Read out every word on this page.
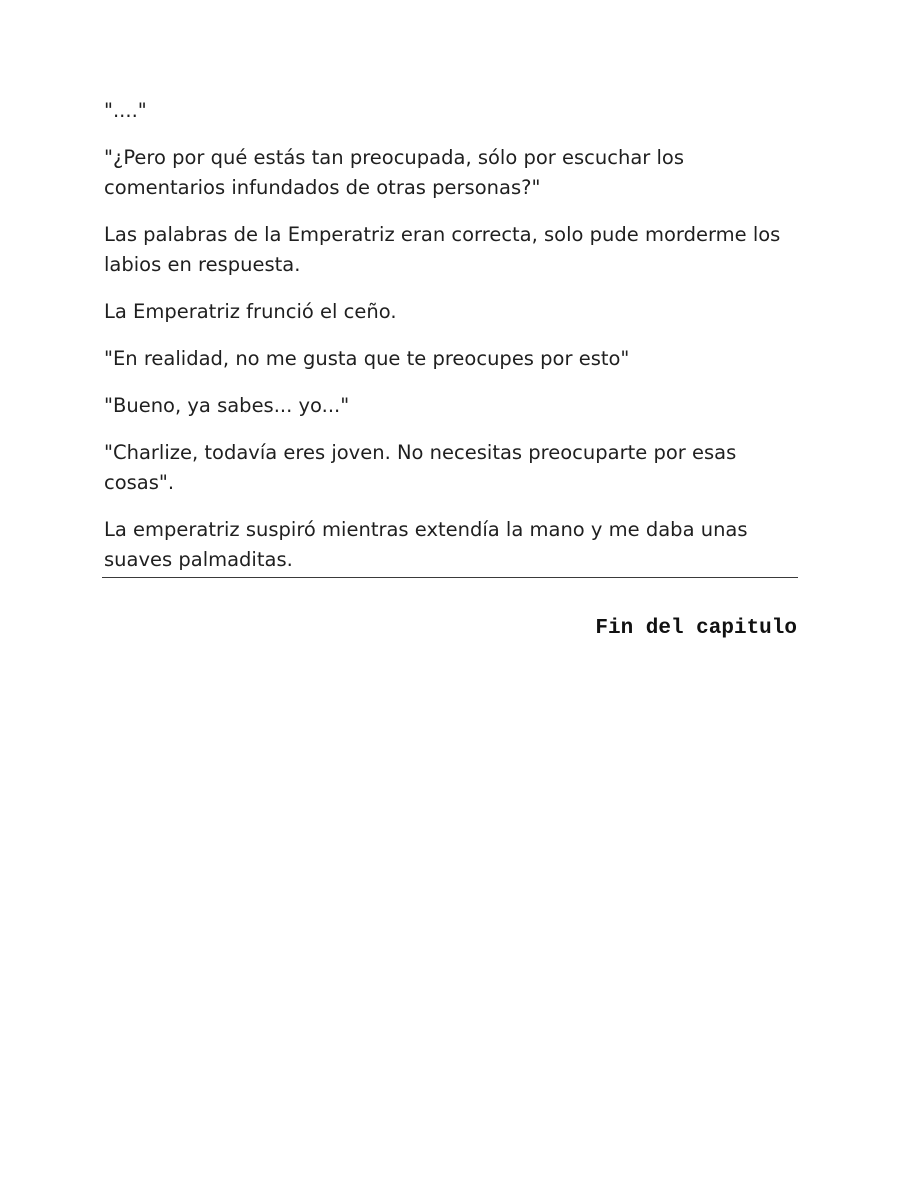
"...."

"¿Pero por qué estás tan preocupada, sólo por escuchar los comentarios infundados de otras personas?"

Las palabras de la Emperatriz eran correcta, solo pude morderme los labios en respuesta.

La Emperatriz frunció el ceño.

"En realidad, no me gusta que te preocupes por esto"

"Bueno, ya sabes... yo..."

"Charlize, todavía eres joven. No necesitas preocuparte por esas cosas".

La emperatriz suspiró mientras extendía la mano y me daba unas suaves palmaditas.

Fin del capitulo
